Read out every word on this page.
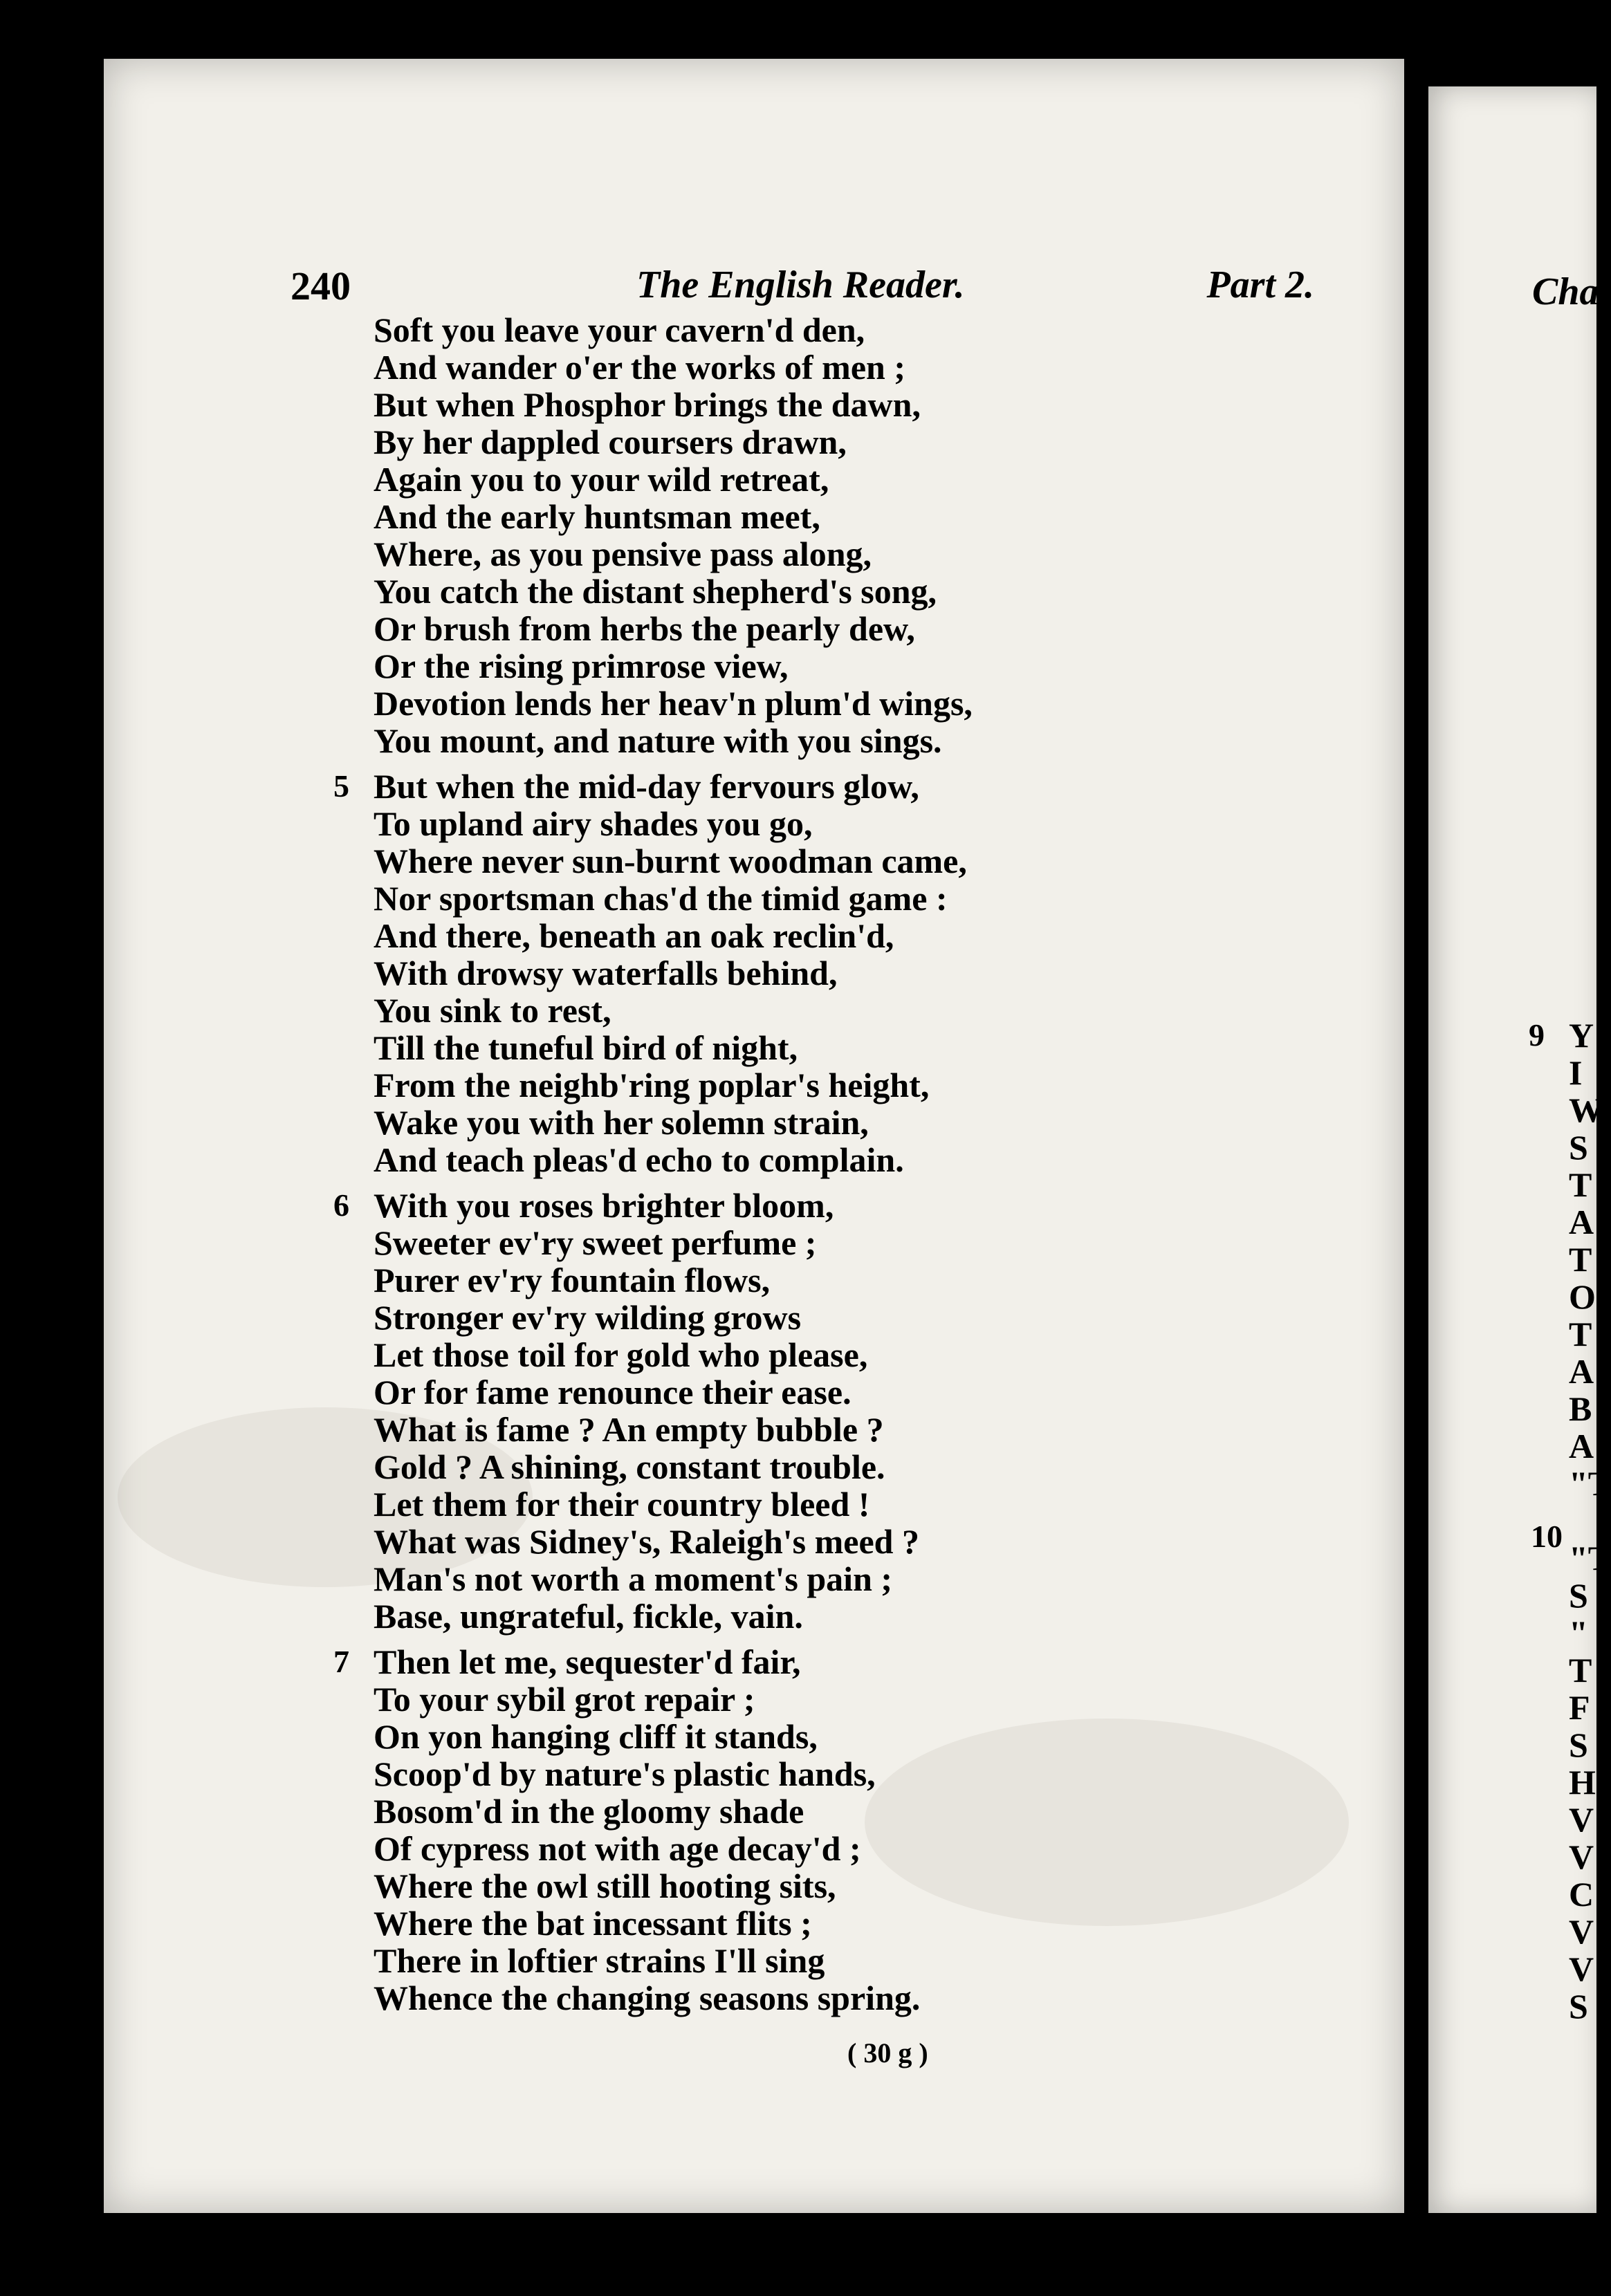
Cha
240	The English Reader.	Part 2.
Soft you leave your cavern'd den,
And wander o'er the works of men ;
But when Phosphor brings the dawn,
By her dappled coursers drawn,
Again you to your wild retreat,
And the early huntsman meet,
Where, as you pensive pass along,
You catch the distant shepherd's song,
Or brush from herbs the pearly dew,
Or the rising primrose view,
Devotion lends her heav'n plum'd wings,
You mount, and nature with you sings.
5 But when the mid-day fervours glow,
To upland airy shades you go,
Where never sun-burnt woodman came,
Nor sportsman chas'd the timid game :
And there, beneath an oak reclin'd,
With drowsy waterfalls behind,
You sink to rest,
Till the tuneful bird of night,
From the neighb'ring poplar's height,
Wake you with her solemn strain,
And teach pleas'd echo to complain.
6 With you roses brighter bloom,
Sweeter ev'ry sweet perfume ;
Purer ev'ry fountain flows,
Stronger ev'ry wilding grows
Let those toil for gold who please,
Or for fame renounce their ease.
What is fame ? An empty bubble ?
Gold ? A shining, constant trouble.
Let them for their country bleed !
What was Sidney's, Raleigh's meed ?
Man's not worth a moment's pain ;
Base, ungrateful, fickle, vain.
7 Then let me, sequester'd fair,
To your sybil grot repair ;
On yon hanging cliff it stands,
Scoop'd by nature's plastic hands,
Bosom'd in the gloomy shade
Of cypress not with age decay'd ;
Where the owl still hooting sits,
Where the bat incessant flits ;
There in loftier strains I'll sing
Whence the changing seasons spring.
( 30 g )
9
10
Y
I
W
S
T
A
T
O
T
A
B
A
"T
"T
S
"
T
F
S
H
V
V
C
V
V
S
